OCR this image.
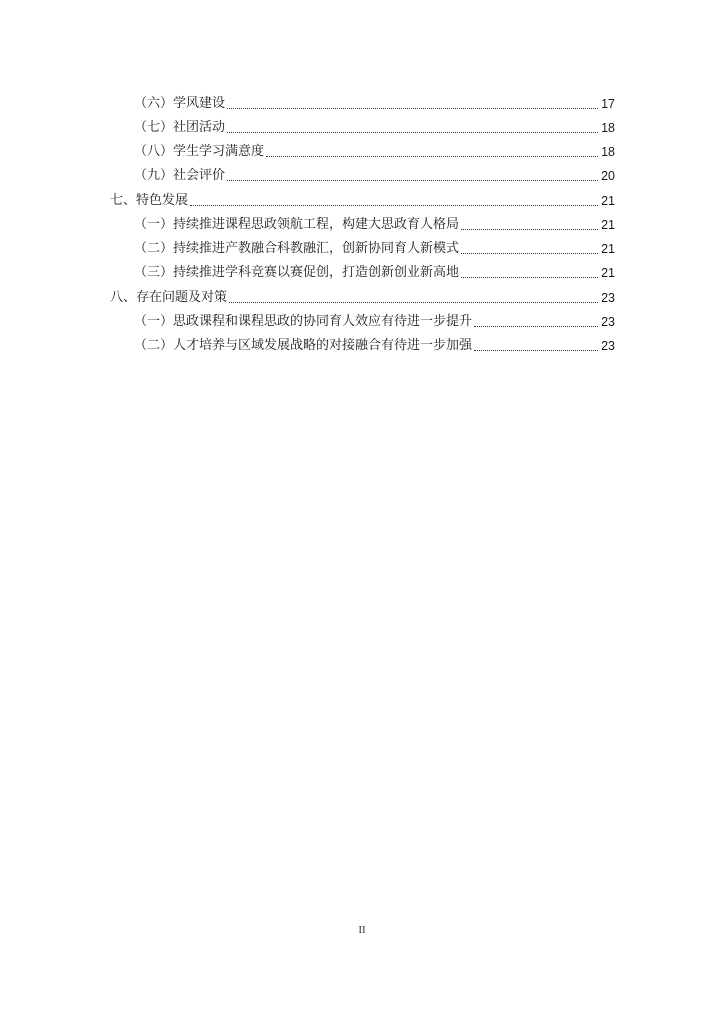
（六）学风建设	17
（七）社团活动	18
（八）学生学习满意度	18
（九）社会评价	20
七、特色发展	21
（一）持续推进课程思政领航工程，构建大思政育人格局	21
（二）持续推进产教融合科教融汇，创新协同育人新模式	21
（三）持续推进学科竞赛以赛促创，打造创新创业新高地	21
八、存在问题及对策	23
（一）思政课程和课程思政的协同育人效应有待进一步提升	23
（二）人才培养与区域发展战略的对接融合有待进一步加强	23
II
